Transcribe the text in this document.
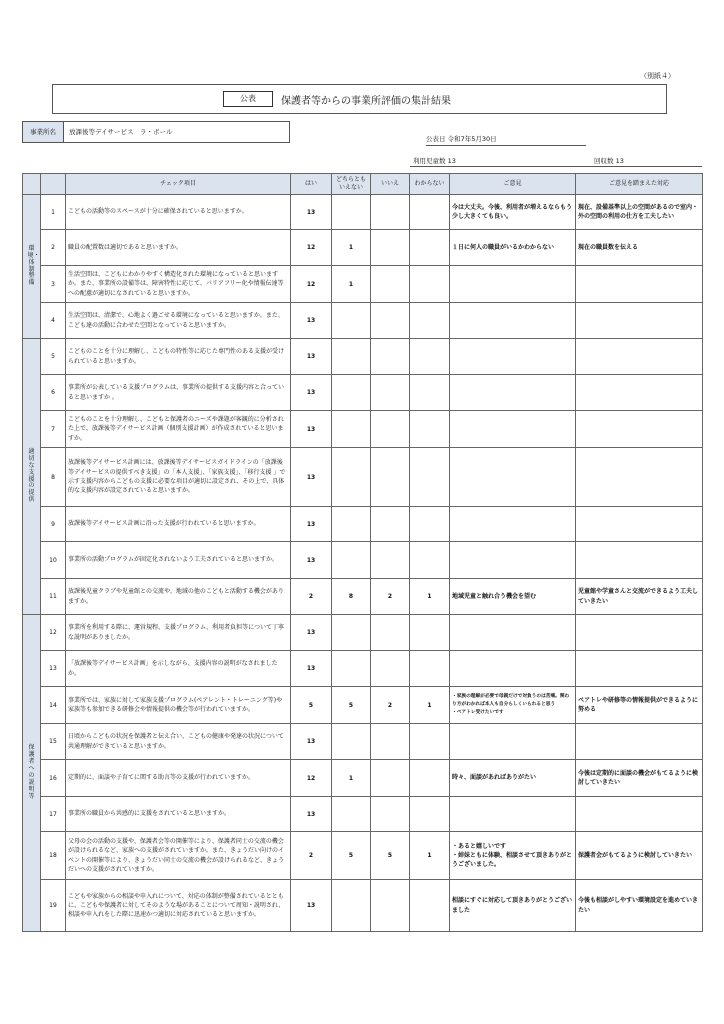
（別紙４）
公表	保護者等からの事業所評価の集計結果
事業所名	放課後等デイサービス　ラ・ボール
公表日 令和7年5月30日
利用児童数 13	回収数 13
		チェック項目	はい	どちらとも
いえない	いいえ	わからない	ご意見	ご意見を踏まえた対応
環境・体制整備	1	こどもの活動等のスペースが十分に確保されていると思いますか。	13				今は大丈夫。今後、利用者が増えるならもう少し大きくても良い。	現在、設備基準以上の空間があるので室内・外の空間の利用の仕方を工夫したい
	2	職員の配置数は適切であると思いますか。	12	1			１日に何人の職員がいるかわからない	現在の職員数を伝える
	3	生活空間は、こどもにわかりやすく構造化された環境になっていると思いますか。また、事業所の設備等は、障害特性に応じて、バリアフリー化や情報伝達等への配慮が適切になされていると思いますか。	12	1				
	4	生活空間は、清潔で、心地よく過ごせる環境になっていると思いますか。また、こども達の活動に合わせた空間となっていると思いますか。	13					
適切な支援の提供	5	こどものことを十分に理解し、こどもの特性等に応じた専門性のある支援が受けられていると思いますか。	13					
	6	事業所が公表している支援プログラムは、事業所の提供する支援内容と合っていると思いますか 。	13					
	7	こどものことを十分理解し、こどもと保護者のニーズや課題が客観的に分析された上で、放課後等デイサービス計画（個別支援計画）が作成されていると思いますか。	13					
	8	放課後等デイサービス計画には、放課後等デイサービスガイドラインの「放課後等デイサービスの提供すべき支援」の「本人支援」、「家族支援」、「移行支援 」で示す支援内容からこどもの支援に必要な項目が適切に設定され、その上で、具体的な支援内容が設定されていると思いますか。	13					
	9	放課後等デイサービス計画に沿った支援が行われていると思いますか。	13					
	10	事業所の活動プログラムが固定化されないよう工夫されていると思いますか。	13					
	11	放課後児童クラブや児童館との交流や、地域の他のこどもと活動する機会がありますか。	2	8	2	1	地域児童と触れ合う機会を望む	児童館や学童さんと交流ができるよう工夫していきたい
保護者への説明等	12	事業所を利用する際に、運営規程、支援プログラム、利用者負担等について丁寧な説明がありましたか。	13					
	13	「放課後等デイサービス計画」を示しながら、支援内容の説明がなされましたか。	13					
	14	事業所では、家族に対して家族支援プログラム(ペアレント・トレーニング等)や家族等も参加できる研修会や情報提供の機会等が行われていますか。	5	5	2	1	・家族の理解が必要で母親だけで対負うのは苦痛。関わり方がわかれば本人も自分らしくいられると思う
・ペアトレ受けたいです	ペアトレや研修等の情報提供ができるように努める
	15	日頃からこどもの状況を保護者と伝え合い、こどもの健康や発達の状況について共通理解ができていると思いますか。	13					
	16	定期的に、面談や子育てに関する助言等の支援が行われていますか。	12	1			時々、面談があればありがたい	今後は定期的に面談の機会がもてるように検討していきたい
	17	事業所の職員から共感的に支援をされていると思いますか。	13					
	18	父母の会の活動の支援や、保護者会等の開催等により、保護者同士の交流の機会が設けられるなど、家族への支援がされていますか。また、きょうだい向けのイベントの開催等により、きょうだい同士の交流の機会が設けられるなど、きょうだいへの支援がされていますか。	2	5	5	1	・あると嬉しいです
・姉妹ともに体験、相談させて頂きありがとうございました。	保護者会がもてるように検討していきたい
	19	こどもや家族からの相談や申入れについて、対応の体制が整備されているとともに、こどもや保護者に対してそのような場があることについて周知・説明され、相談や申入れをした際に迅速かつ適切に対応されていると思いますか。	13				相談にすぐに対応して頂きありがとうございました	今後も相談がしやすい環境設定を進めていきたい
